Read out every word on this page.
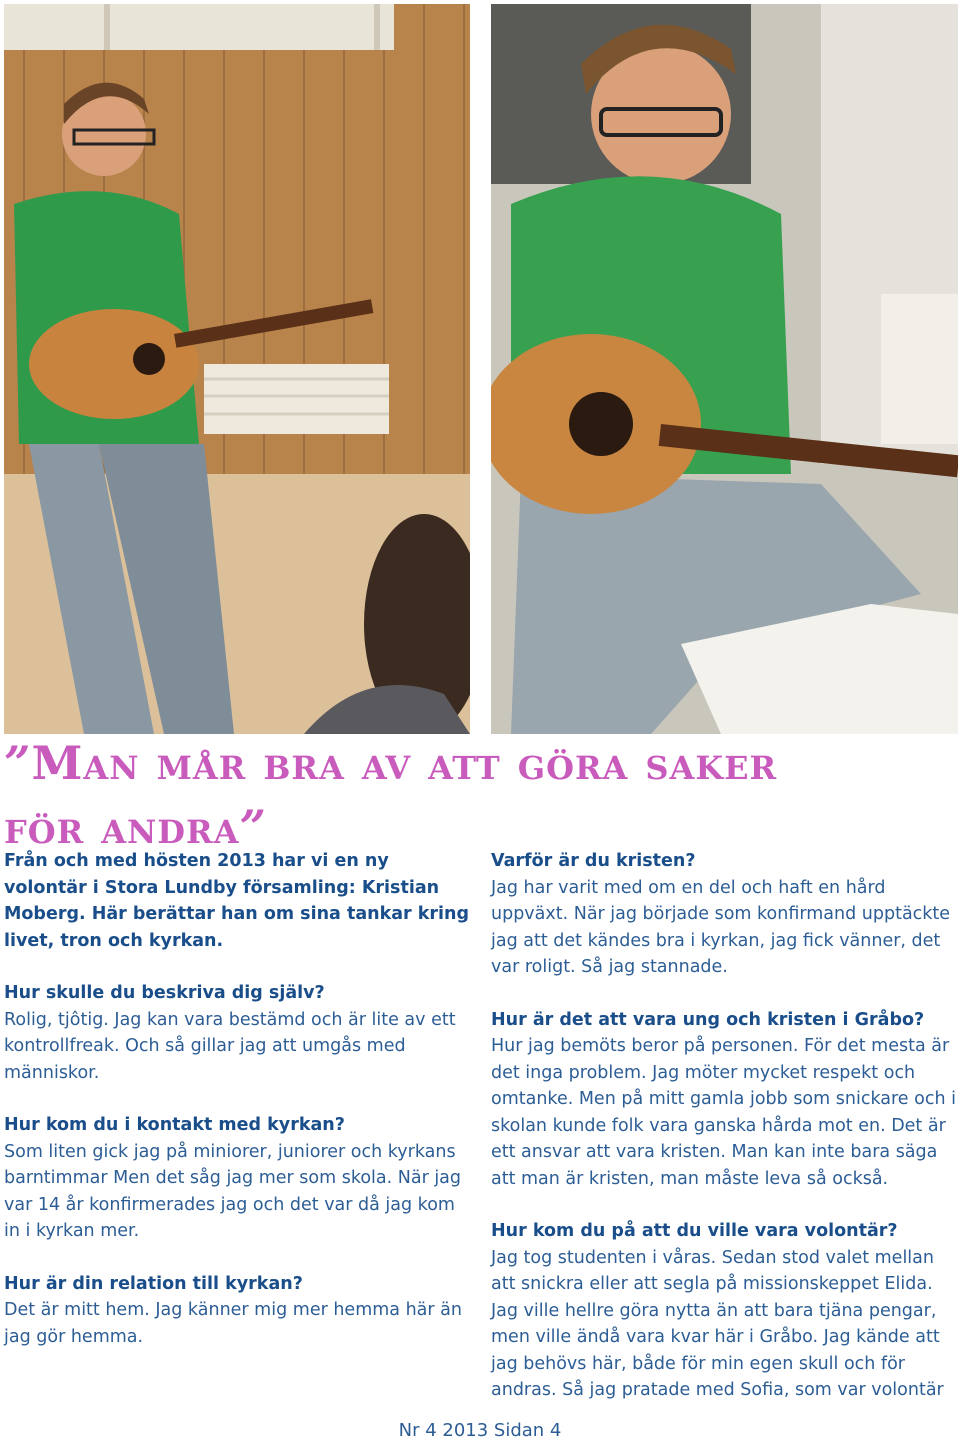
”Man mår bra av att göra saker
för andra”

Från och med hösten 2013 har vi en ny volontär i Stora Lundby församling: Kristian Moberg. Här berättar han om sina tankar kring livet, tron och kyrkan.

Hur skulle du beskriva dig själv?

Rolig, tjôtig. Jag kan vara bestämd och är lite av ett kontrollfreak. Och så gillar jag att umgås med människor.

Hur kom du i kontakt med kyrkan?

Som liten gick jag på miniorer, juniorer och kyrkans barntimmar Men det såg jag mer som skola. När jag var 14 år konfirmerades jag och det var då jag kom in i kyrkan mer.

Hur är din relation till kyrkan?

Det är mitt hem. Jag känner mig mer hemma här än jag gör hemma.

Varför är du kristen?

Jag har varit med om en del och haft en hård uppväxt. När jag började som konfirmand upptäckte jag att det kändes bra i kyrkan, jag fick vänner, det var roligt. Så jag stannade.

Hur är det att vara ung och kristen i Gråbo?

Hur jag bemöts beror på personen. För det mesta är det inga problem. Jag möter mycket respekt och omtanke. Men på mitt gamla jobb som snickare och i skolan kunde folk vara ganska hårda mot en. Det är ett ansvar att vara kristen. Man kan inte bara säga att man är kristen, man måste leva så också.

Hur kom du på att du ville vara volontär?

Jag tog studenten i våras. Sedan stod valet mellan att snickra eller att segla på missionskeppet Elida. Jag ville hellre göra nytta än att bara tjäna pengar, men ville ändå vara kvar här i Gråbo. Jag kände att jag behövs här, både för min egen skull och för andras. Så jag pratade med Sofia, som var volontär

Nr 4 2013 Sidan 4
